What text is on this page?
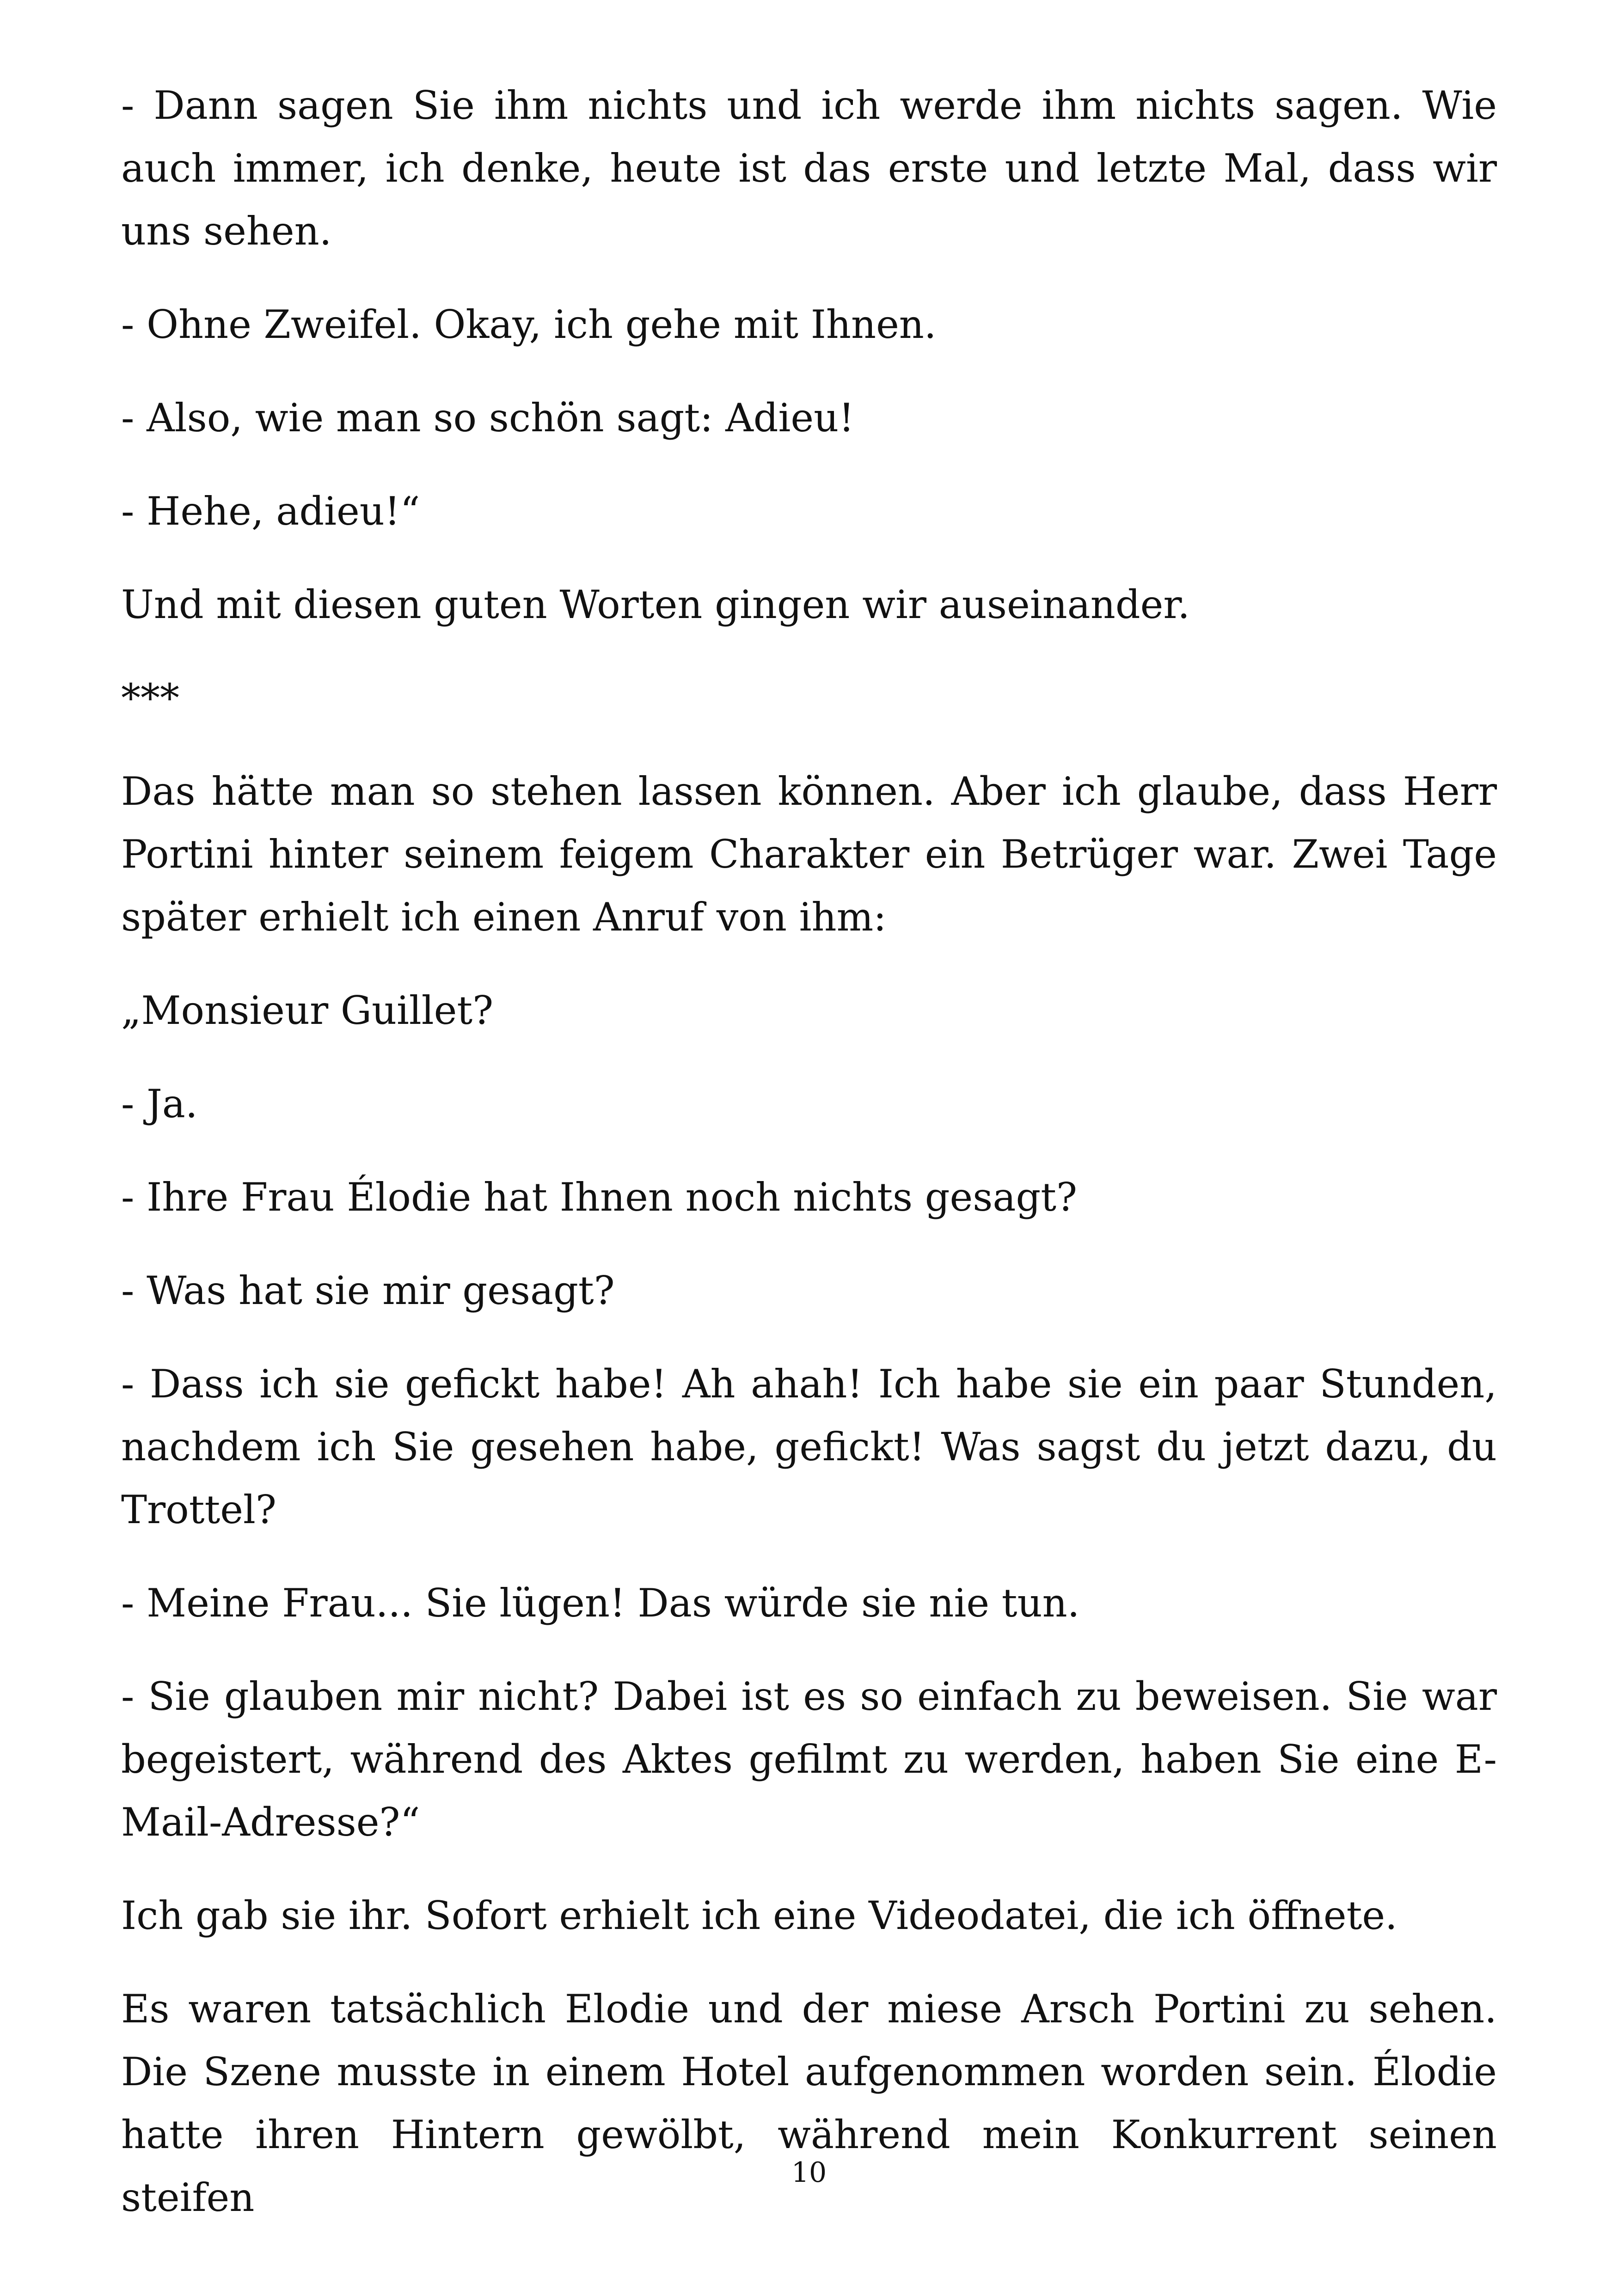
- Dann sagen Sie ihm nichts und ich werde ihm nichts sagen. Wie auch immer, ich denke, heute ist das erste und letzte Mal, dass wir uns sehen.

- Ohne Zweifel. Okay, ich gehe mit Ihnen.

- Also, wie man so schön sagt: Adieu!

- Hehe, adieu!“

Und mit diesen guten Worten gingen wir auseinander.

***

Das hätte man so stehen lassen können. Aber ich glaube, dass Herr Portini hinter seinem feigem Charakter ein Betrüger war. Zwei Tage später erhielt ich einen Anruf von ihm:

„Monsieur Guillet?

- Ja.

- Ihre Frau Élodie hat Ihnen noch nichts gesagt?

- Was hat sie mir gesagt?

- Dass ich sie gefickt habe! Ah ahah! Ich habe sie ein paar Stunden, nachdem ich Sie gesehen habe, gefickt! Was sagst du jetzt dazu, du Trottel?

- Meine Frau... Sie lügen! Das würde sie nie tun.

- Sie glauben mir nicht? Dabei ist es so einfach zu beweisen. Sie war begeistert, während des Aktes gefilmt zu werden, haben Sie eine E-Mail-Adresse?“

Ich gab sie ihr. Sofort erhielt ich eine Videodatei, die ich öffnete.

Es waren tatsächlich Elodie und der miese Arsch Portini zu sehen. Die Szene musste in einem Hotel aufgenommen worden sein. Élodie hatte ihren Hintern gewölbt, während mein Konkurrent seinen steifen

10
